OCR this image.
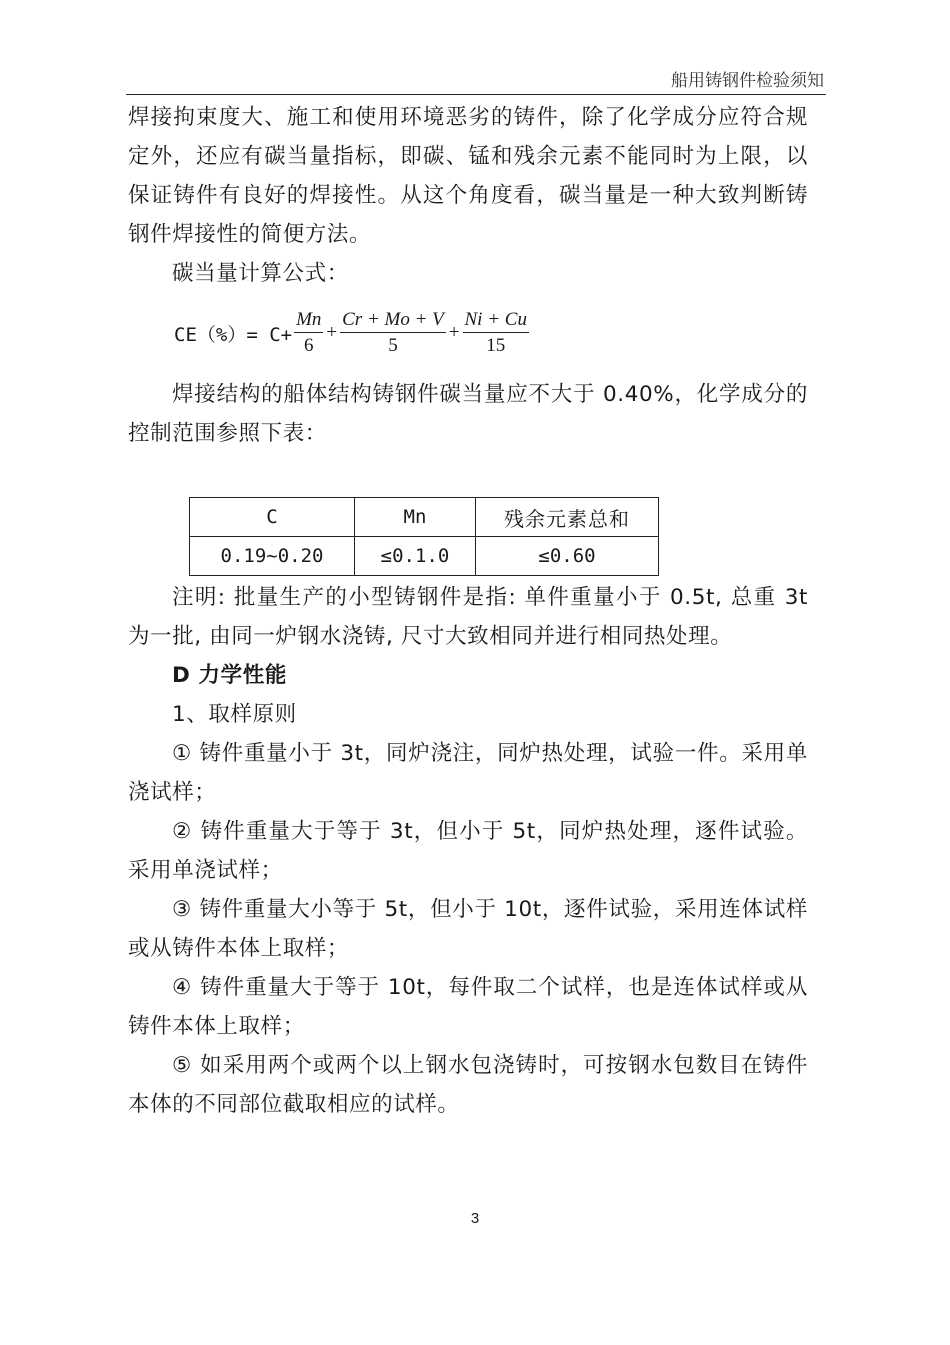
船用铸钢件检验须知

焊接拘束度大、施工和使用环境恶劣的铸件，除了化学成分应符合规定外，还应有碳当量指标，即碳、锰和残余元素不能同时为上限，以保证铸件有良好的焊接性。从这个角度看，碳当量是一种大致判断铸钢件焊接性的简便方法。

碳当量计算公式：

$CE(\%)= C+ \frac{Mn}{6} + \frac{Cr + Mo + V}{5} + \frac{Ni + Cu}{15}$

焊接结构的船体结构铸钢件碳当量应不大于 0.40%，化学成分的控制范围参照下表：

C	Mn	残余元素总和
0.19~0.20	≤0.1.0	≤0.60

注明: 批量生产的小型铸钢件是指: 单件重量小于 0.5t, 总重 3t 为一批, 由同一炉钢水浇铸, 尺寸大致相同并进行相同热处理。

D 力学性能

1、取样原则

① 铸件重量小于 3t，同炉浇注，同炉热处理，试验一件。采用单浇试样；

② 铸件重量大于等于 3t，但小于 5t，同炉热处理，逐件试验。采用单浇试样；

③ 铸件重量大小等于 5t，但小于 10t，逐件试验，采用连体试样或从铸件本体上取样；

④ 铸件重量大于等于 10t，每件取二个试样，也是连体试样或从铸件本体上取样；

⑤ 如采用两个或两个以上钢水包浇铸时，可按钢水包数目在铸件本体的不同部位截取相应的试样。

3
